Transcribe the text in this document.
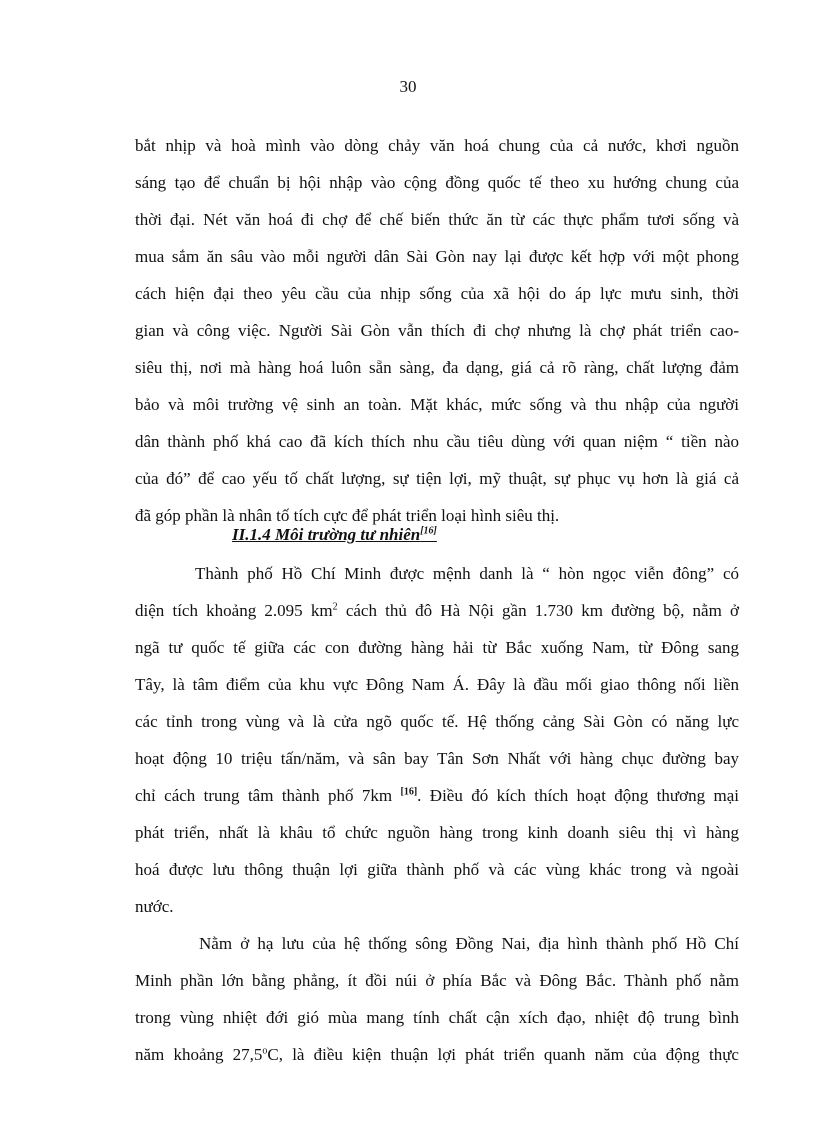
30
bắt nhịp và hoà mình vào dòng chảy văn hoá chung của cả nước, khơi nguồn
sáng tạo để chuẩn bị hội nhập vào cộng đồng quốc tế theo xu hướng chung của
thời đại. Nét văn hoá đi chợ để chế biến thức ăn từ các thực phẩm tươi sống và
mua sắm ăn sâu vào mỗi người dân Sài Gòn nay lại được kết hợp với một phong
cách hiện đại theo yêu cầu của nhịp sống của xã hội do áp lực mưu sinh, thời
gian và công việc. Người Sài Gòn vẫn thích đi chợ nhưng là chợ phát triển cao-
siêu thị, nơi mà hàng hoá luôn sẵn sàng, đa dạng, giá cả rõ ràng, chất lượng đảm
bảo và môi trường vệ sinh an toàn. Mặt khác, mức sống và thu nhập của người
dân thành phố khá cao đã kích thích nhu cầu tiêu dùng với quan niệm “ tiền nào
của đó” để cao yếu tố chất lượng, sự tiện lợi, mỹ thuật, sự phục vụ hơn là giá cả
đã góp phần là nhân tố tích cực để phát triển loại hình siêu thị.
II.1.4 Môi trường tư nhiên[16]
Thành phố Hồ Chí Minh được mệnh danh là “ hòn ngọc viễn đông” có
diện tích khoảng 2.095 $km^2$ cách thủ đô Hà Nội gần 1.730 km đường bộ, nằm ở
ngã tư quốc tế giữa các con đường hàng hải từ Bắc xuống Nam, từ Đông sang
Tây, là tâm điểm của khu vực Đông Nam Á. Đây là đầu mối giao thông nối liền
các tỉnh trong vùng và là cửa ngõ quốc tế. Hệ thống cảng Sài Gòn có năng lực
hoạt động 10 triệu tấn/năm, và sân bay Tân Sơn Nhất với hàng chục đường bay
chỉ cách trung tâm thành phố 7km [16]. Điều đó kích thích hoạt động thương mại
phát triển, nhất là khâu tổ chức nguồn hàng trong kinh doanh siêu thị vì hàng
hoá được lưu thông thuận lợi giữa thành phố và các vùng khác trong và ngoài
nước.
Nằm ở hạ lưu của hệ thống sông Đồng Nai, địa hình thành phố Hồ Chí
Minh phần lớn bằng phẳng, ít đồi núi ở phía Bắc và Đông Bắc. Thành phố nằm
trong vùng nhiệt đới gió mùa mang tính chất cận xích đạo, nhiệt độ trung bình
năm khoảng 27,5$^o$C, là điều kiện thuận lợi phát triển quanh năm của động thực
